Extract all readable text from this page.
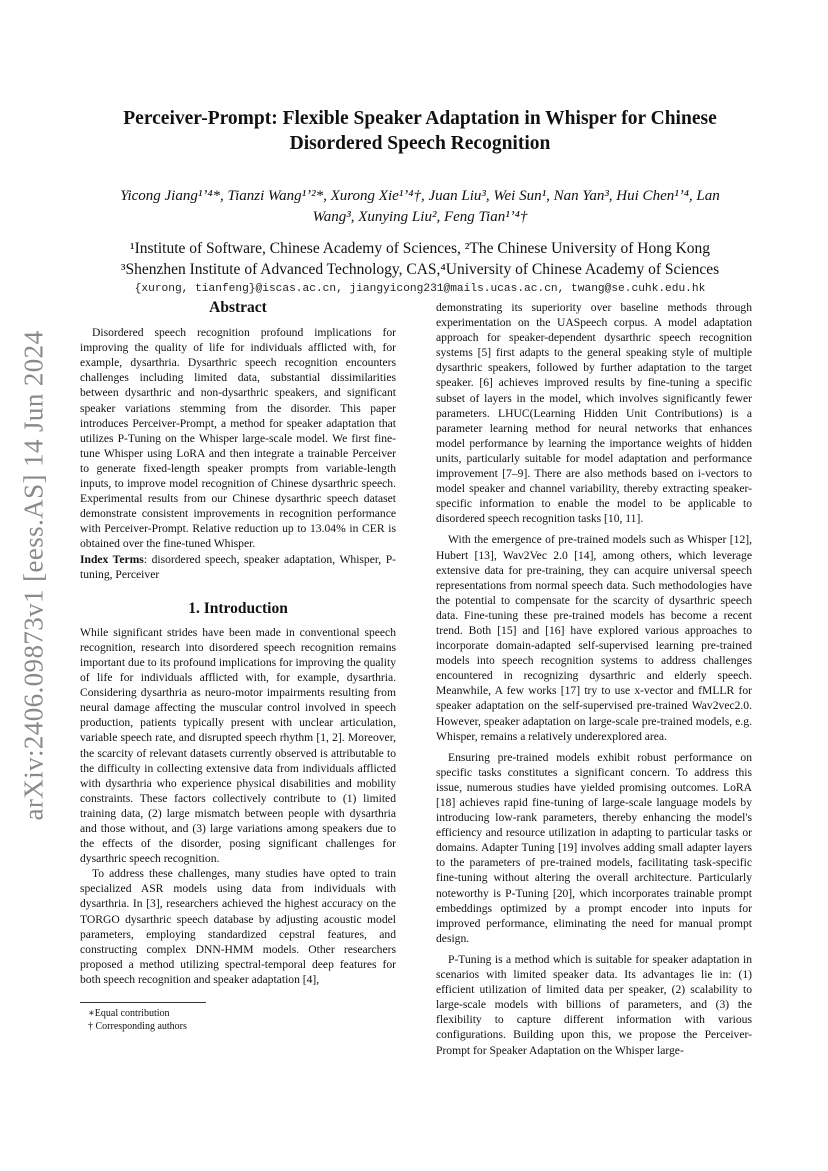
arXiv:2406.09873v1 [eess.AS] 14 Jun 2024
Perceiver-Prompt: Flexible Speaker Adaptation in Whisper for Chinese
Disordered Speech Recognition
Yicong Jiang¹ʼ⁴*, Tianzi Wang¹ʼ²*, Xurong Xie¹ʼ⁴†, Juan Liu³, Wei Sun¹, Nan Yan³, Hui Chen¹ʼ⁴, Lan
Wang³, Xunying Liu², Feng Tian¹ʼ⁴†
¹Institute of Software, Chinese Academy of Sciences, ²The Chinese University of Hong Kong
³Shenzhen Institute of Advanced Technology, CAS,⁴University of Chinese Academy of Sciences
{xurong, tianfeng}@iscas.ac.cn, jiangyicong231@mails.ucas.ac.cn, twang@se.cuhk.edu.hk
Abstract

Disordered speech recognition profound implications for improving the quality of life for individuals afflicted with, for example, dysarthria. Dysarthric speech recognition encounters challenges including limited data, substantial dissimilarities between dysarthric and non-dysarthric speakers, and significant speaker variations stemming from the disorder. This paper introduces Perceiver-Prompt, a method for speaker adaptation that utilizes P-Tuning on the Whisper large-scale model. We first fine-tune Whisper using LoRA and then integrate a trainable Perceiver to generate fixed-length speaker prompts from variable-length inputs, to improve model recognition of Chinese dysarthric speech. Experimental results from our Chinese dysarthric speech dataset demonstrate consistent improvements in recognition performance with Perceiver-Prompt. Relative reduction up to 13.04% in CER is obtained over the fine-tuned Whisper.

Index Terms: disordered speech, speaker adaptation, Whisper, P-tuning, Perceiver

1. Introduction

While significant strides have been made in conventional speech recognition, research into disordered speech recognition remains important due to its profound implications for improving the quality of life for individuals afflicted with, for example, dysarthria. Considering dysarthria as neuro-motor impairments resulting from neural damage affecting the muscular control involved in speech production, patients typically present with unclear articulation, variable speech rate, and disrupted speech rhythm [1, 2]. Moreover, the scarcity of relevant datasets currently observed is attributable to the difficulty in collecting extensive data from individuals afflicted with dysarthria who experience physical disabilities and mobility constraints. These factors collectively contribute to (1) limited training data, (2) large mismatch between people with dysarthria and those without, and (3) large variations among speakers due to the effects of the disorder, posing significant challenges for dysarthric speech recognition.

To address these challenges, many studies have opted to train specialized ASR models using data from individuals with dysarthria. In [3], researchers achieved the highest accuracy on the TORGO dysarthric speech database by adjusting acoustic model parameters, employing standardized cepstral features, and constructing complex DNN-HMM models. Other researchers proposed a method utilizing spectral-temporal deep features for both speech recognition and speaker adaptation [4],

∗Equal contribution
† Corresponding authors

demonstrating its superiority over baseline methods through experimentation on the UASpeech corpus. A model adaptation approach for speaker-dependent dysarthric speech recognition systems [5] first adapts to the general speaking style of multiple dysarthric speakers, followed by further adaptation to the target speaker. [6] achieves improved results by fine-tuning a specific subset of layers in the model, which involves significantly fewer parameters. LHUC(Learning Hidden Unit Contributions) is a parameter learning method for neural networks that enhances model performance by learning the importance weights of hidden units, particularly suitable for model adaptation and performance improvement [7–9]. There are also methods based on i-vectors to model speaker and channel variability, thereby extracting speaker-specific information to enable the model to be applicable to disordered speech recognition tasks [10, 11].

With the emergence of pre-trained models such as Whisper [12], Hubert [13], Wav2Vec 2.0 [14], among others, which leverage extensive data for pre-training, they can acquire universal speech representations from normal speech data. Such methodologies have the potential to compensate for the scarcity of dysarthric speech data. Fine-tuning these pre-trained models has become a recent trend. Both [15] and [16] have explored various approaches to incorporate domain-adapted self-supervised learning pre-trained models into speech recognition systems to address challenges encountered in recognizing dysarthric and elderly speech. Meanwhile, A few works [17] try to use x-vector and fMLLR for speaker adaptation on the self-supervised pre-trained Wav2vec2.0. However, speaker adaptation on large-scale pre-trained models, e.g. Whisper, remains a relatively underexplored area.

Ensuring pre-trained models exhibit robust performance on specific tasks constitutes a significant concern. To address this issue, numerous studies have yielded promising outcomes. LoRA [18] achieves rapid fine-tuning of large-scale language models by introducing low-rank parameters, thereby enhancing the model's efficiency and resource utilization in adapting to particular tasks or domains. Adapter Tuning [19] involves adding small adapter layers to the parameters of pre-trained models, facilitating task-specific fine-tuning without altering the overall architecture. Particularly noteworthy is P-Tuning [20], which incorporates trainable prompt embeddings optimized by a prompt encoder into inputs for improved performance, eliminating the need for manual prompt design.

P-Tuning is a method which is suitable for speaker adaptation in scenarios with limited speaker data. Its advantages lie in: (1) efficient utilization of limited data per speaker, (2) scalability to large-scale models with billions of parameters, and (3) the flexibility to capture different information with various configurations. Building upon this, we propose the Perceiver-Prompt for Speaker Adaptation on the Whisper large-
